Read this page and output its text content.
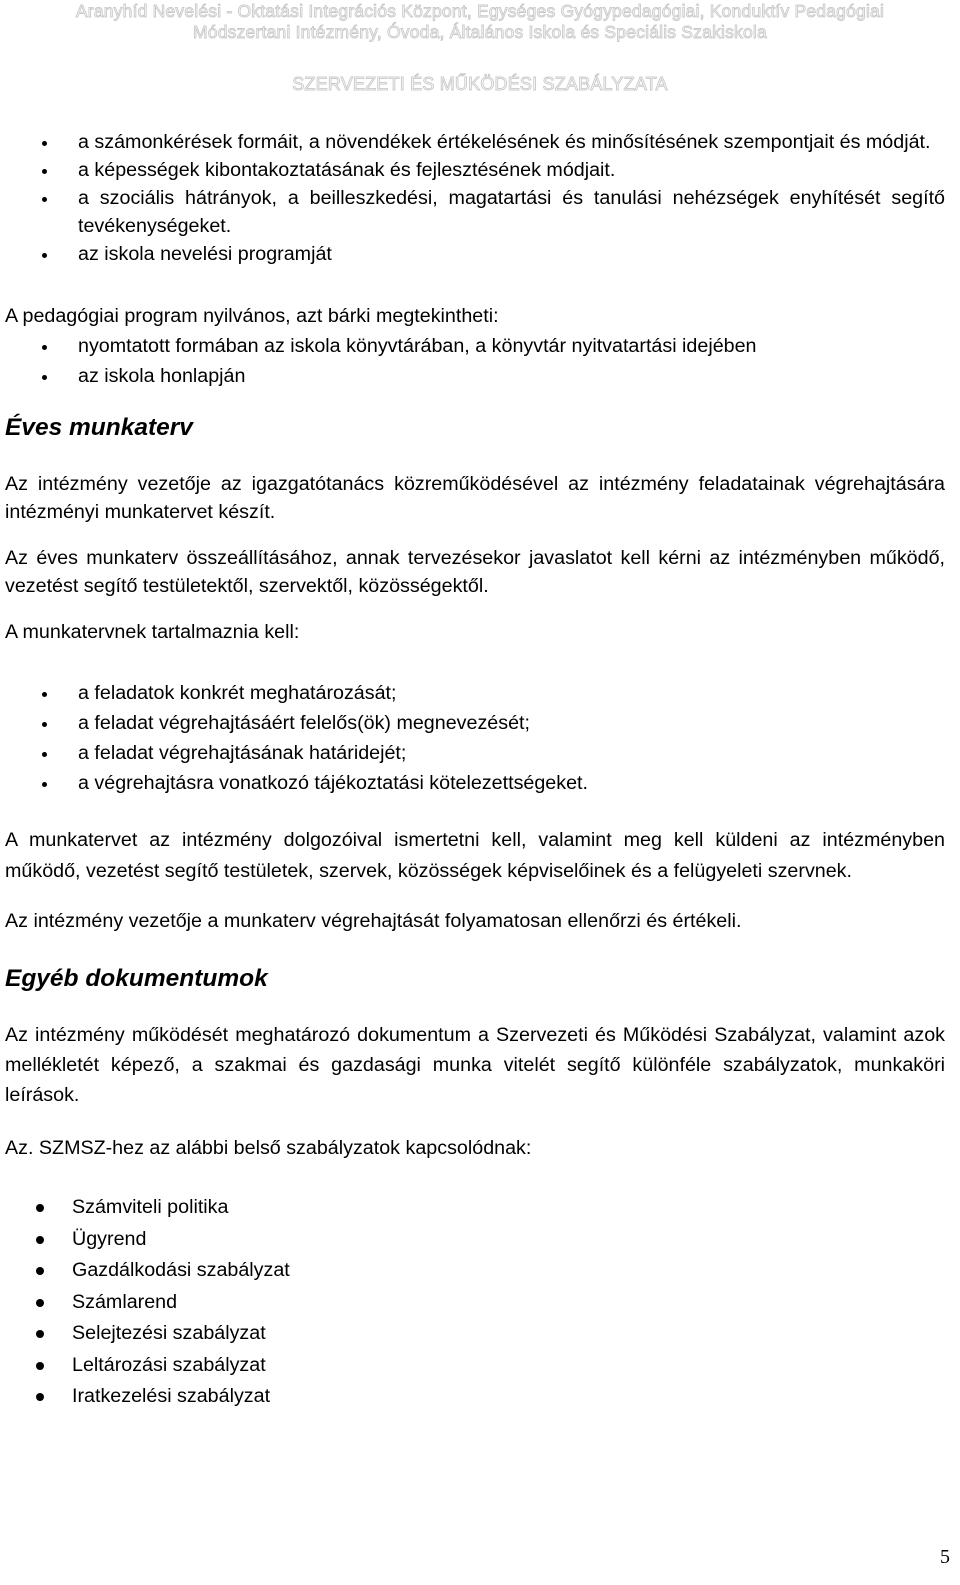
Aranyhíd Nevelési - Oktatási Integrációs Központ, Egységes Gyógypedagógiai, Konduktív Pedagógiai
Módszertani Intézmény, Óvoda, Általános Iskola és Speciális Szakiskola
SZERVEZETI ÉS MŰKÖDÉSI SZABÁLYZATA
a számonkérések formáit, a növendékek értékelésének és minősítésének szempontjait és módját.
a képességek kibontakoztatásának és fejlesztésének módjait.
a szociális hátrányok, a beilleszkedési, magatartási és tanulási nehézségek enyhítését segítő tevékenységeket.
az iskola nevelési programját

A pedagógiai program nyilvános, azt bárki megtekintheti:

nyomtatott formában az iskola könyvtárában, a könyvtár nyitvatartási idejében
az iskola honlapján
Éves munkaterv

Az intézmény vezetője az igazgatótanács közreműködésével az intézmény feladatainak végrehajtására intézményi munkatervet készít.

Az éves munkaterv összeállításához, annak tervezésekor javaslatot kell kérni az intézményben működő, vezetést segítő testületektől, szervektől, közösségektől.

A munkatervnek tartalmaznia kell:

a feladatok konkrét meghatározását;
a feladat végrehajtásáért felelős(ök) megnevezését;
a feladat végrehajtásának határidejét;
a végrehajtásra vonatkozó tájékoztatási kötelezettségeket.

A munkatervet az intézmény dolgozóival ismertetni kell, valamint meg kell küldeni az intézményben működő, vezetést segítő testületek, szervek, közösségek képviselőinek és a felügyeleti szervnek.

Az intézmény vezetője a munkaterv végrehajtását folyamatosan ellenőrzi és értékeli.

Egyéb dokumentumok

Az intézmény működését meghatározó dokumentum a Szervezeti és Működési Szabályzat, valamint azok mellékletét képező, a szakmai és gazdasági munka vitelét segítő különféle szabályzatok, munkaköri leírások.

Az. SZMSZ-hez az alábbi belső szabályzatok kapcsolódnak:

Számviteli politika
Ügyrend
Gazdálkodási szabályzat
Számlarend
Selejtezési szabályzat
Leltározási szabályzat
Iratkezelési szabályzat
5
